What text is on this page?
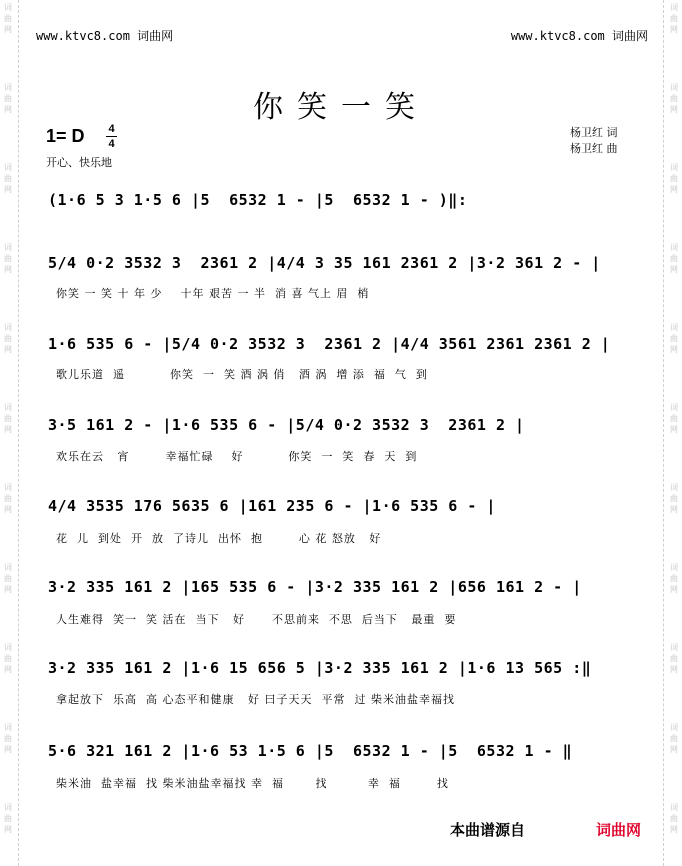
词
曲
网
词
曲
网
词
曲
网
词
曲
网
词
曲
网
词
曲
网
词
曲
网
词
曲
网
词
曲
网
词
曲
网
词
曲
网
词
曲
网
词
曲
网
词
曲
网
词
曲
网
词
曲
网
词
曲
网
词
曲
网
词
曲
网
词
曲
网
词
曲
网
词
曲
网
www.ktvc8.com 词曲网	www.ktvc8.com 词曲网
你笑一笑
1= D 4
4
开心、快乐地
杨卫红 词
杨卫红 曲
(1·6 5 3 1·5 6 |5  6532 1 - |5  6532 1 - )‖:
5/4 0·2 3532 3  2361 2 |4/4 3 35 161 2361 2 |3·2 361 2 - |
你笑 一 笑 十 年 少    十年 艰苦 一 半  消 喜 气上 眉  梢
1·6 535 6 - |5/4 0·2 3532 3  2361 2 |4/4 3561 2361 2361 2 |
歌儿乐道  遥          你笑  一  笑 酒 涡 俏   酒 涡  增 添  福  气  到
3·5 161 2 - |1·6 535 6 - |5/4 0·2 3532 3  2361 2 |
欢乐在云   宵        幸福忙碌    好          你笑  一  笑  春  天  到
4/4 3535 176 5635 6 |161 235 6 - |1·6 535 6 - |
花  儿  到处  开  放  了诗儿  出怀  抱        心 花 怒放   好
3·2 335 161 2 |165 535 6 - |3·2 335 161 2 |656 161 2 - |
人生难得  笑一  笑 活在  当下   好      不思前来  不思  后当下   最重  要
3·2 335 161 2 |1·6 15 656 5 |3·2 335 161 2 |1·6 13 565 :‖
拿起放下  乐高  高 心态平和健康   好 曰子天天  平常  过 柴米油盐幸福找
5·6 321 161 2 |1·6 53 1·5 6 |5  6532 1 - |5  6532 1 - ‖
柴米油  盐幸福  找 柴米油盐幸福找 幸  福       找         幸  福        找
本曲谱源自	词曲网
